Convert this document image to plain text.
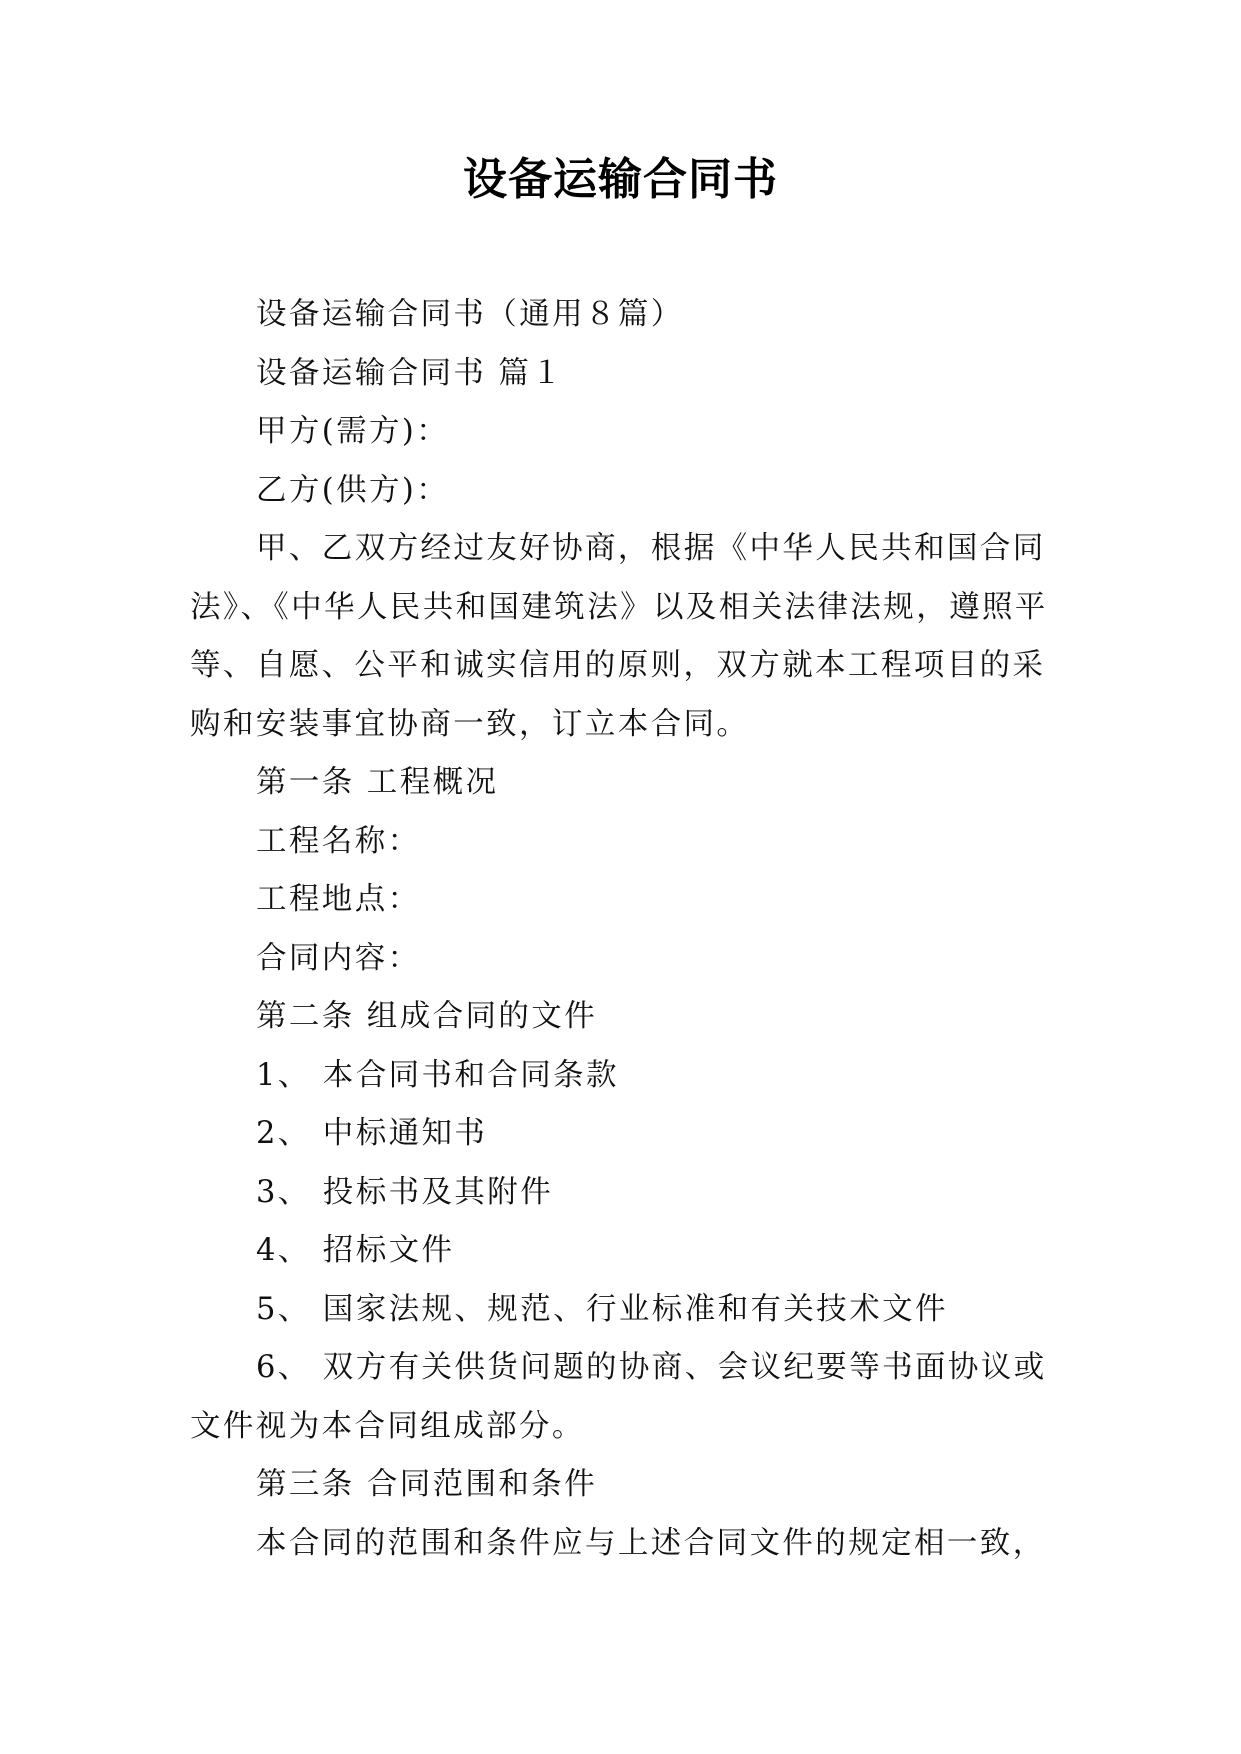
设备运输合同书
设备运输合同书（通用８篇）
设备运输合同书 篇１
甲方(需方)：
乙方(供方)：
甲、乙双方经过友好协商，根据《中华人民共和国合同
法》、《中华人民共和国建筑法》以及相关法律法规，遵照平
等、自愿、公平和诚实信用的原则，双方就本工程项目的采
购和安装事宜协商一致，订立本合同。
第一条 工程概况
工程名称：
工程地点：
合同内容：
第二条 组成合同的文件
1、 本合同书和合同条款
2、 中标通知书
3、 投标书及其附件
4、 招标文件
5、 国家法规、规范、行业标准和有关技术文件
6、 双方有关供货问题的协商、会议纪要等书面协议或
文件视为本合同组成部分。
第三条 合同范围和条件
本合同的范围和条件应与上述合同文件的规定相一致，
